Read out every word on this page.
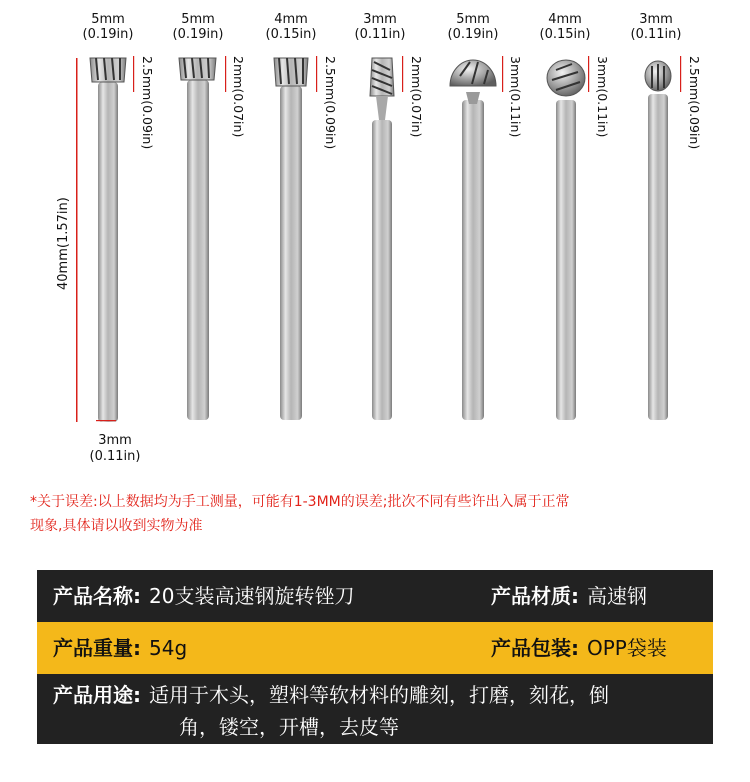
5mm
( 0.19in )
5mm
( 0.19in )
4mm
( 0.15in )
3mm
( 0.11in )
5mm
( 0.19in )
4mm
( 0.15in )
3mm
( 0.11in )
2.5mm( 0.09in )
2mm( 0.07in )
2.5mm( 0.09in )
2mm( 0.07in )
3mm( 0.11in )
3mm( 0.11in )
2.5mm( 0.09in )
40mm( 1.57in )
3mm
( 0.11in )
*关于误差:以上数据均为手工测量，可能有1-3MM的误差;批次不同有些许出入属于正常
现象,具体请以收到实物为准
产品名称: 20支装高速钢旋转锉刀	产品材质: 高速钢
产品重量: 54g	产品包装: OPP袋装
产品用途: 适用于木头，塑料等软材料的雕刻，打磨，刻花，倒
角，镂空，开槽，去皮等
